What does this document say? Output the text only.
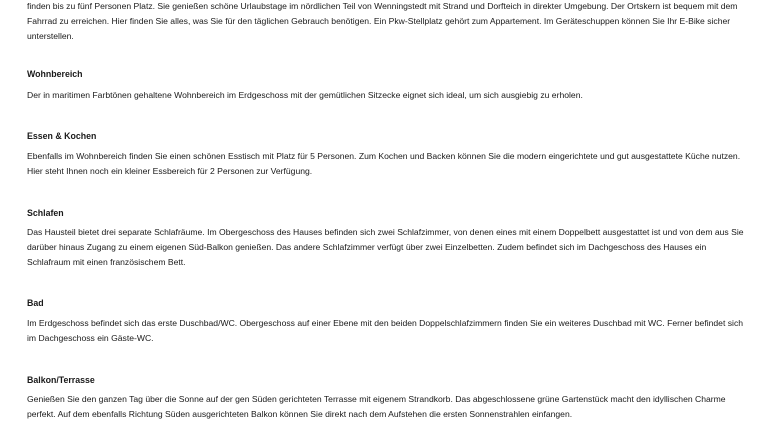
finden bis zu fünf Personen Platz. Sie genießen schöne Urlaubstage im nördlichen Teil von Wenningstedt mit Strand und Dorfteich in direkter Umgebung. Der Ortskern ist bequem mit dem Fahrrad zu erreichen. Hier finden Sie alles, was Sie für den täglichen Gebrauch benötigen. Ein Pkw-Stellplatz gehört zum Appartement. Im Geräteschuppen können Sie Ihr E-Bike sicher unterstellen.

Wohnbereich

Der in maritimen Farbtönen gehaltene Wohnbereich im Erdgeschoss mit der gemütlichen Sitzecke eignet sich ideal, um sich ausgiebig zu erholen.

Essen & Kochen

Ebenfalls im Wohnbereich finden Sie einen schönen Esstisch mit Platz für 5 Personen. Zum Kochen und Backen können Sie die modern eingerichtete und gut ausgestattete Küche nutzen. Hier steht Ihnen noch ein kleiner Essbereich für 2 Personen zur Verfügung.

Schlafen

Das Hausteil bietet drei separate Schlafräume. Im Obergeschoss des Hauses befinden sich zwei Schlafzimmer, von denen eines mit einem Doppelbett ausgestattet ist und von dem aus Sie darüber hinaus Zugang zu einem eigenen Süd-Balkon genießen. Das andere Schlafzimmer verfügt über zwei Einzelbetten. Zudem befindet sich im Dachgeschoss des Hauses ein Schlafraum mit einen französischem Bett.

Bad

Im Erdgeschoss befindet sich das erste Duschbad/WC. Obergeschoss auf einer Ebene mit den beiden Doppelschlafzimmern finden Sie ein weiteres Duschbad mit WC. Ferner befindet sich im Dachgeschoss ein Gäste-WC.

Balkon/Terrasse

Genießen Sie den ganzen Tag über die Sonne auf der gen Süden gerichteten Terrasse mit eigenem Strandkorb. Das abgeschlossene grüne Gartenstück macht den idyllischen Charme perfekt. Auf dem ebenfalls Richtung Süden ausgerichteten Balkon können Sie direkt nach dem Aufstehen die ersten Sonnenstrahlen einfangen.
